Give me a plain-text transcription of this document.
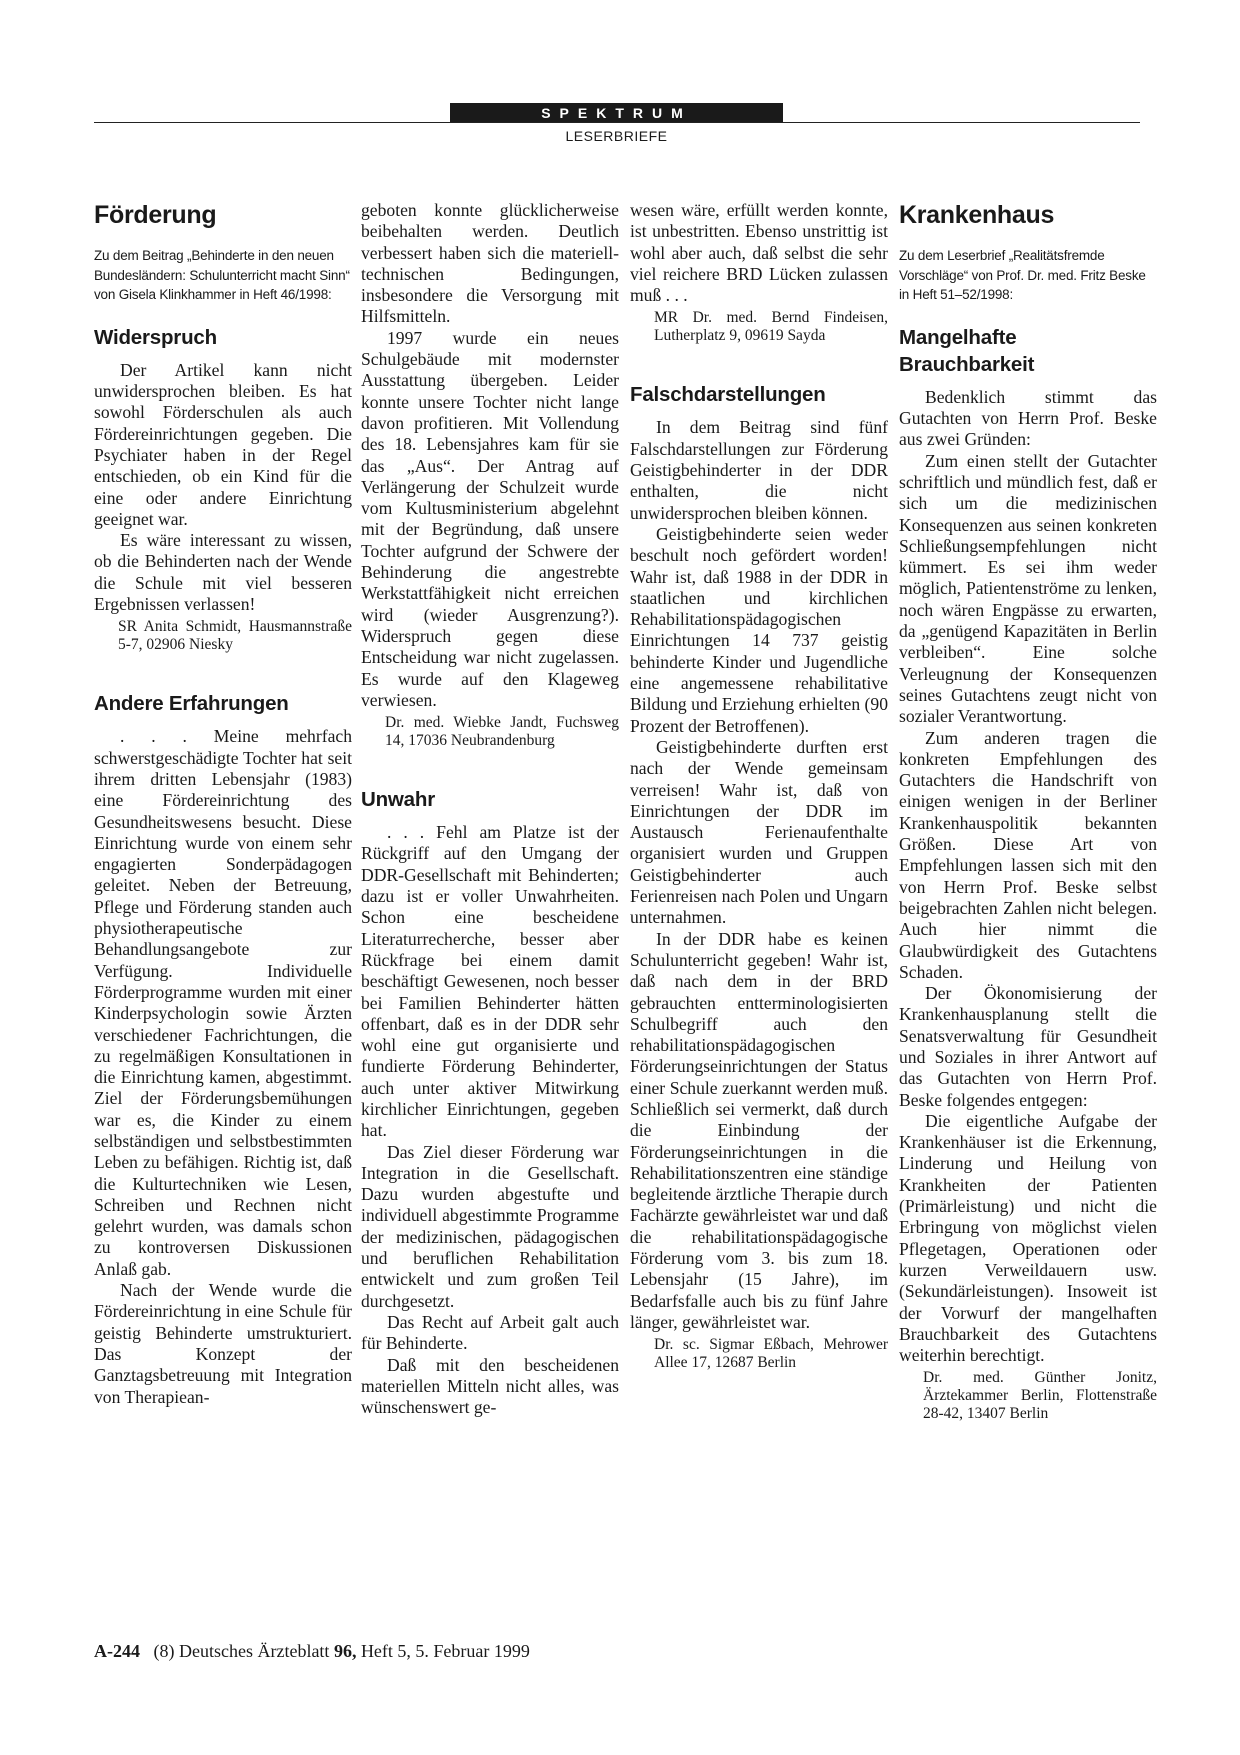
SPEKTRUM
LESERBRIEFE
Förderung
Zu dem Beitrag „Behinderte in den neuen Bundesländern: Schulunterricht macht Sinn“ von Gisela Klinkhammer in Heft 46/1998:
Widerspruch

Der Artikel kann nicht unwidersprochen bleiben. Es hat sowohl Förderschulen als auch Fördereinrichtungen gegeben. Die Psychiater haben in der Regel entschieden, ob ein Kind für die eine oder andere Einrichtung geeignet war.

Es wäre interessant zu wissen, ob die Behinderten nach der Wende die Schule mit viel besseren Ergebnissen verlassen!

SR Anita Schmidt, Hausmannstraße 5-7, 02906 Niesky

Andere Erfahrungen

. . . Meine mehrfach schwerstgeschädigte Tochter hat seit ihrem dritten Lebensjahr (1983) eine Fördereinrichtung des Gesundheitswesens besucht. Diese Einrichtung wurde von einem sehr engagierten Sonderpädagogen geleitet. Neben der Betreuung, Pflege und Förderung standen auch physiotherapeutische Behandlungsangebote zur Verfügung. Individuelle Förderprogramme wurden mit einer Kinderpsychologin sowie Ärzten verschiedener Fachrichtungen, die zu regelmäßigen Konsultationen in die Einrichtung kamen, abgestimmt. Ziel der Förderungsbemühungen war es, die Kinder zu einem selbständigen und selbstbestimmten Leben zu befähigen. Richtig ist, daß die Kulturtechniken wie Lesen, Schreiben und Rechnen nicht gelehrt wurden, was damals schon zu kontroversen Diskussionen Anlaß gab.

Nach der Wende wurde die Fördereinrichtung in eine Schule für geistig Behinderte umstrukturiert. Das Konzept der Ganztagsbetreuung mit Integration von Therapiean-

geboten konnte glücklicherweise beibehalten werden. Deutlich verbessert haben sich die materiell-technischen Bedingungen, insbesondere die Versorgung mit Hilfsmitteln.

1997 wurde ein neues Schulgebäude mit modernster Ausstattung übergeben. Leider konnte unsere Tochter nicht lange davon profitieren. Mit Vollendung des 18. Lebensjahres kam für sie das „Aus“. Der Antrag auf Verlängerung der Schulzeit wurde vom Kultusministerium abgelehnt mit der Begründung, daß unsere Tochter aufgrund der Schwere der Behinderung die angestrebte Werkstattfähigkeit nicht erreichen wird (wieder Ausgrenzung?). Widerspruch gegen diese Entscheidung war nicht zugelassen. Es wurde auf den Klageweg verwiesen.

Dr. med. Wiebke Jandt, Fuchsweg 14, 17036 Neubrandenburg

Unwahr

. . . Fehl am Platze ist der Rückgriff auf den Umgang der DDR-Gesellschaft mit Behinderten; dazu ist er voller Unwahrheiten. Schon eine bescheidene Literaturrecherche, besser aber Rückfrage bei einem damit beschäftigt Gewesenen, noch besser bei Familien Behinderter hätten offenbart, daß es in der DDR sehr wohl eine gut organisierte und fundierte Förderung Behinderter, auch unter aktiver Mitwirkung kirchlicher Einrichtungen, gegeben hat.

Das Ziel dieser Förderung war Integration in die Gesellschaft. Dazu wurden abgestufte und individuell abgestimmte Programme der medizinischen, pädagogischen und beruflichen Rehabilitation entwickelt und zum großen Teil durchgesetzt.

Das Recht auf Arbeit galt auch für Behinderte.

Daß mit den bescheidenen materiellen Mitteln nicht alles, was wünschenswert ge-

wesen wäre, erfüllt werden konnte, ist unbestritten. Ebenso unstrittig ist wohl aber auch, daß selbst die sehr viel reichere BRD Lücken zulassen muß . . .

MR Dr. med. Bernd Findeisen, Lutherplatz 9, 09619 Sayda

Falschdarstellungen

In dem Beitrag sind fünf Falschdarstellungen zur Förderung Geistigbehinderter in der DDR enthalten, die nicht unwidersprochen bleiben können.

Geistigbehinderte seien weder beschult noch gefördert worden! Wahr ist, daß 1988 in der DDR in staatlichen und kirchlichen Rehabilitationspädagogischen Einrichtungen 14 737 geistig behinderte Kinder und Jugendliche eine angemessene rehabilitative Bildung und Erziehung erhielten (90 Prozent der Betroffenen).

Geistigbehinderte durften erst nach der Wende gemeinsam verreisen! Wahr ist, daß von Einrichtungen der DDR im Austausch Ferienaufenthalte organisiert wurden und Gruppen Geistigbehinderter auch Ferienreisen nach Polen und Ungarn unternahmen.

In der DDR habe es keinen Schulunterricht gegeben! Wahr ist, daß nach dem in der BRD gebrauchten entterminologisierten Schulbegriff auch den rehabilitationspädagogischen Förderungseinrichtungen der Status einer Schule zuerkannt werden muß. Schließlich sei vermerkt, daß durch die Einbindung der Förderungseinrichtungen in die Rehabilitationszentren eine ständige begleitende ärztliche Therapie durch Fachärzte gewährleistet war und daß die rehabilitationspädagogische Förderung vom 3. bis zum 18. Lebensjahr (15 Jahre), im Bedarfsfalle auch bis zu fünf Jahre länger, gewährleistet war.

Dr. sc. Sigmar Eßbach, Mehrower Allee 17, 12687 Berlin

Krankenhaus
Zu dem Leserbrief „Realitätsfremde Vorschläge“ von Prof. Dr. med. Fritz Beske in Heft 51–52/1998:
Mangelhafte Brauchbarkeit

Bedenklich stimmt das Gutachten von Herrn Prof. Beske aus zwei Gründen:

Zum einen stellt der Gutachter schriftlich und mündlich fest, daß er sich um die medizinischen Konsequenzen aus seinen konkreten Schließungsempfehlungen nicht kümmert. Es sei ihm weder möglich, Patientenströme zu lenken, noch wären Engpässe zu erwarten, da „genügend Kapazitäten in Berlin verbleiben“. Eine solche Verleugnung der Konsequenzen seines Gutachtens zeugt nicht von sozialer Verantwortung.

Zum anderen tragen die konkreten Empfehlungen des Gutachters die Handschrift von einigen wenigen in der Berliner Krankenhauspolitik bekannten Größen. Diese Art von Empfehlungen lassen sich mit den von Herrn Prof. Beske selbst beigebrachten Zahlen nicht belegen. Auch hier nimmt die Glaubwürdigkeit des Gutachtens Schaden.

Der Ökonomisierung der Krankenhausplanung stellt die Senatsverwaltung für Gesundheit und Soziales in ihrer Antwort auf das Gutachten von Herrn Prof. Beske folgendes entgegen:

Die eigentliche Aufgabe der Krankenhäuser ist die Erkennung, Linderung und Heilung von Krankheiten der Patienten (Primärleistung) und nicht die Erbringung von möglichst vielen Pflegetagen, Operationen oder kurzen Verweildauern usw. (Sekundärleistungen). Insoweit ist der Vorwurf der mangelhaften Brauchbarkeit des Gutachtens weiterhin berechtigt.

Dr. med. Günther Jonitz, Ärztekammer Berlin, Flottenstraße 28-42, 13407 Berlin

A-244 (8) Deutsches Ärzteblatt 96, Heft 5, 5. Februar 1999
